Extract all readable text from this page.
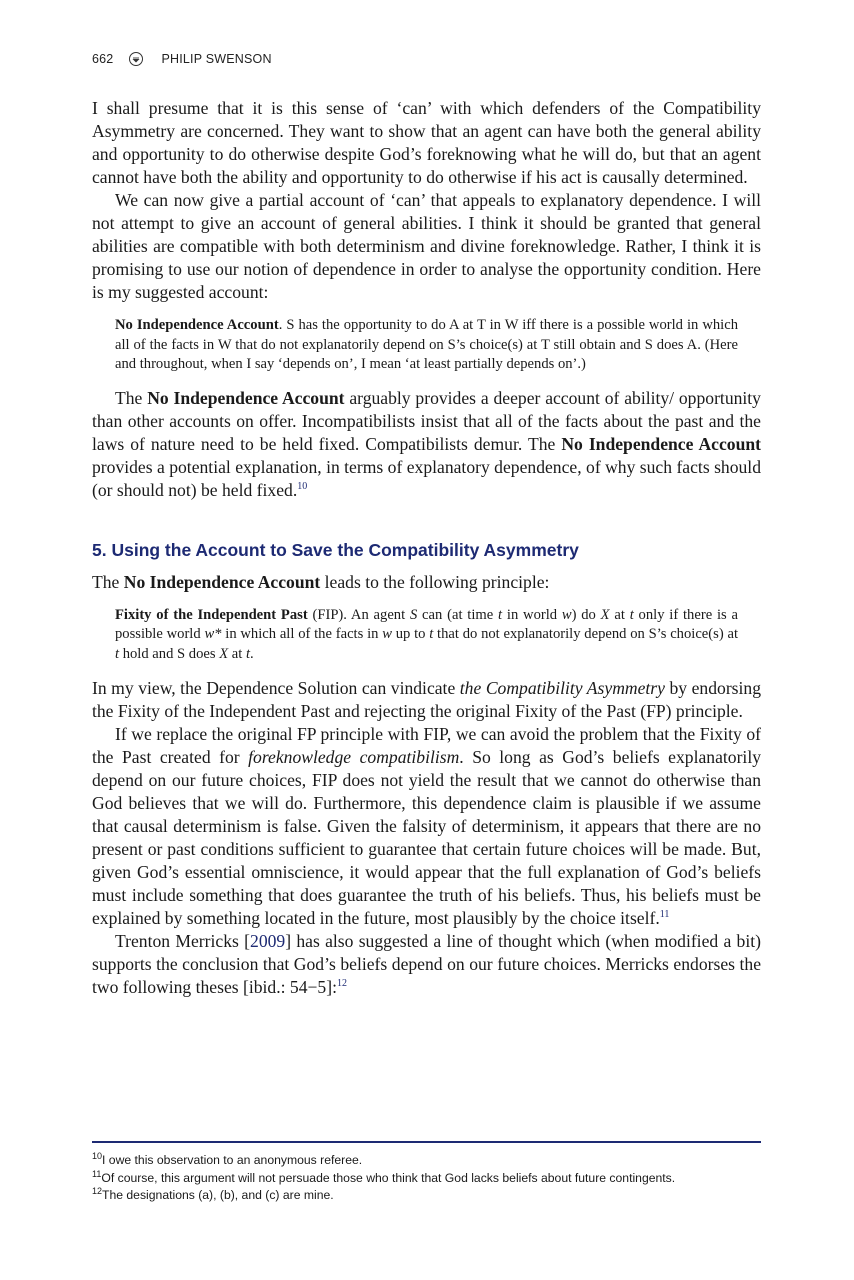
662	PHILIP SWENSON

I shall presume that it is this sense of ‘can’ with which defenders of the Compatibility Asymmetry are concerned. They want to show that an agent can have both the general ability and opportunity to do otherwise despite God’s foreknowing what he will do, but that an agent cannot have both the ability and opportunity to do otherwise if his act is causally determined.

We can now give a partial account of ‘can’ that appeals to explanatory dependence. I will not attempt to give an account of general abilities. I think it should be granted that general abilities are compatible with both determinism and divine foreknowledge. Rather, I think it is promising to use our notion of dependence in order to analyse the opportunity condition. Here is my suggested account:

No Independence Account. S has the opportunity to do A at T in W iff there is a possible world in which all of the facts in W that do not explanatorily depend on S’s choice(s) at T still obtain and S does A. (Here and throughout, when I say ‘depends on’, I mean ‘at least partially depends on’.)

The No Independence Account arguably provides a deeper account of ability/ opportunity than other accounts on offer. Incompatibilists insist that all of the facts about the past and the laws of nature need to be held fixed. Compatibilists demur. The No Independence Account provides a potential explanation, in terms of explanatory dependence, of why such facts should (or should not) be held fixed.$^{10}$

5. Using the Account to Save the Compatibility Asymmetry

The No Independence Account leads to the following principle:

Fixity of the Independent Past (FIP). An agent S can (at time t in world w) do X at t only if there is a possible world w* in which all of the facts in w up to t that do not explanatorily depend on S’s choice(s) at t hold and S does X at t.

In my view, the Dependence Solution can vindicate the Compatibility Asymmetry by endorsing the Fixity of the Independent Past and rejecting the original Fixity of the Past (FP) principle.

If we replace the original FP principle with FIP, we can avoid the problem that the Fixity of the Past created for foreknowledge compatibilism. So long as God’s beliefs explanatorily depend on our future choices, FIP does not yield the result that we cannot do otherwise than God believes that we will do. Furthermore, this dependence claim is plausible if we assume that causal determinism is false. Given the falsity of determinism, it appears that there are no present or past conditions sufficient to guarantee that certain future choices will be made. But, given God’s essential omniscience, it would appear that the full explanation of God’s beliefs must include something that does guarantee the truth of his beliefs. Thus, his beliefs must be explained by something located in the future, most plausibly by the choice itself.$^{11}$

Trenton Merricks [2009] has also suggested a line of thought which (when modified a bit) supports the conclusion that God’s beliefs depend on our future choices. Merricks endorses the two following theses [ibid.: 54−5]:$^{12}$

$^{10}$I owe this observation to an anonymous referee.
$^{11}$Of course, this argument will not persuade those who think that God lacks beliefs about future contingents.
$^{12}$The designations (a), (b), and (c) are mine.
